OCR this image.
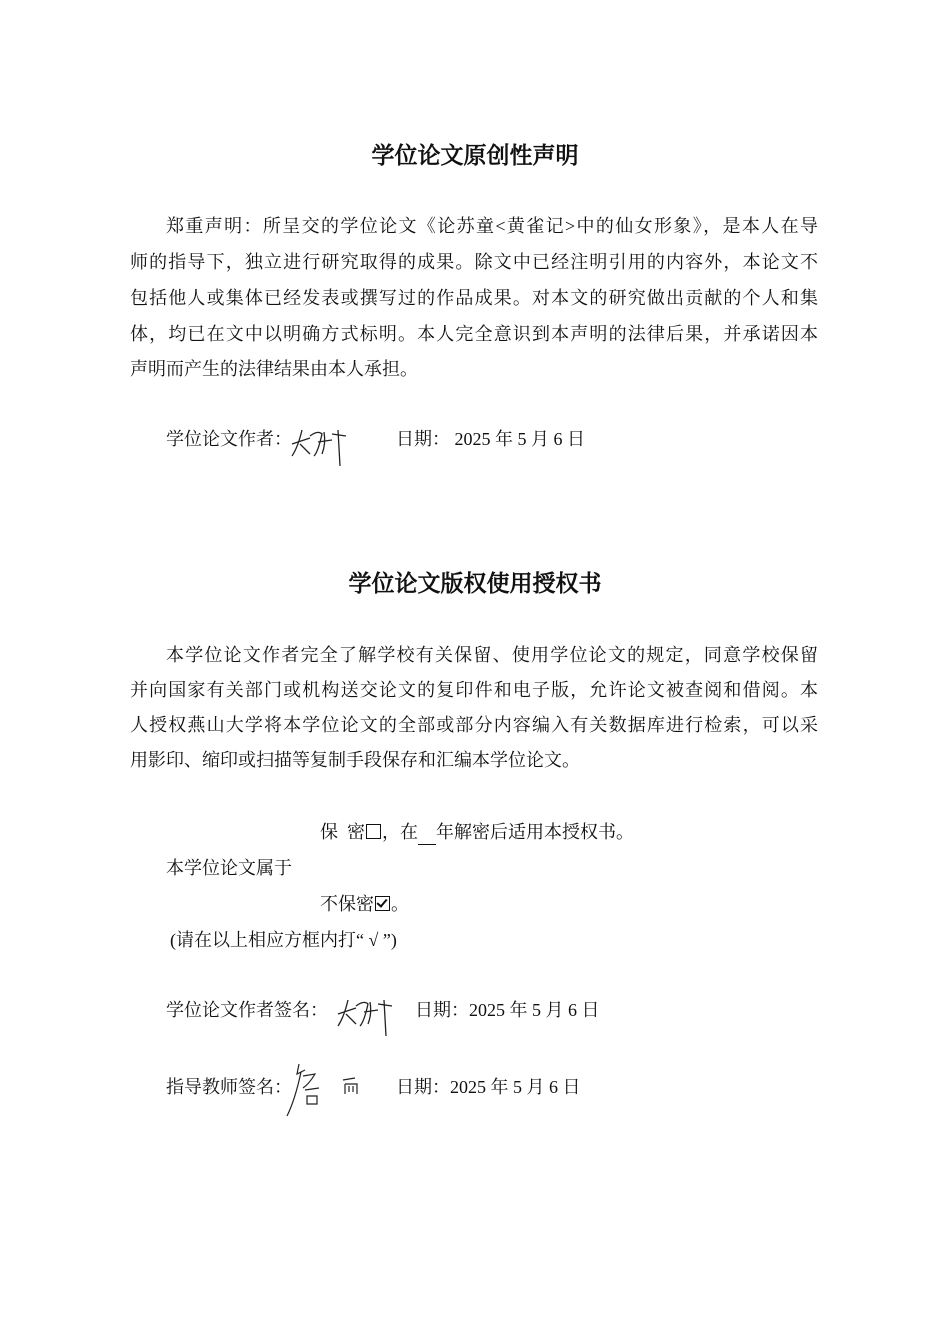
学位论文原创性声明
郑重声明：所呈交的学位论文《论苏童<黄雀记>中的仙女形象》，是本人在导
师的指导下，独立进行研究取得的成果。除文中已经注明引用的内容外，本论文不
包括他人或集体已经发表或撰写过的作品成果。对本文的研究做出贡献的个人和集
体，均已在文中以明确方式标明。本人完全意识到本声明的法律后果，并承诺因本
声明而产生的法律结果由本人承担。
学位论文作者：	日期： 2025 年 5 月 6 日
学位论文版权使用授权书
本学位论文作者完全了解学校有关保留、使用学位论文的规定，同意学校保留
并向国家有关部门或机构送交论文的复印件和电子版，允许论文被查阅和借阅。本
人授权燕山大学将本学位论文的全部或部分内容编入有关数据库进行检索，可以采
用影印、缩印或扫描等复制手段保存和汇编本学位论文。
保  密 ，在 年解密后适用本授权书。
本学位论文属于
不保密 。
(请在以上相应方框内打“ √ ”)
学位论文作者签名：	日期：2025 年 5 月 6 日
指导教师签名：	日期：2025 年 5 月 6 日
